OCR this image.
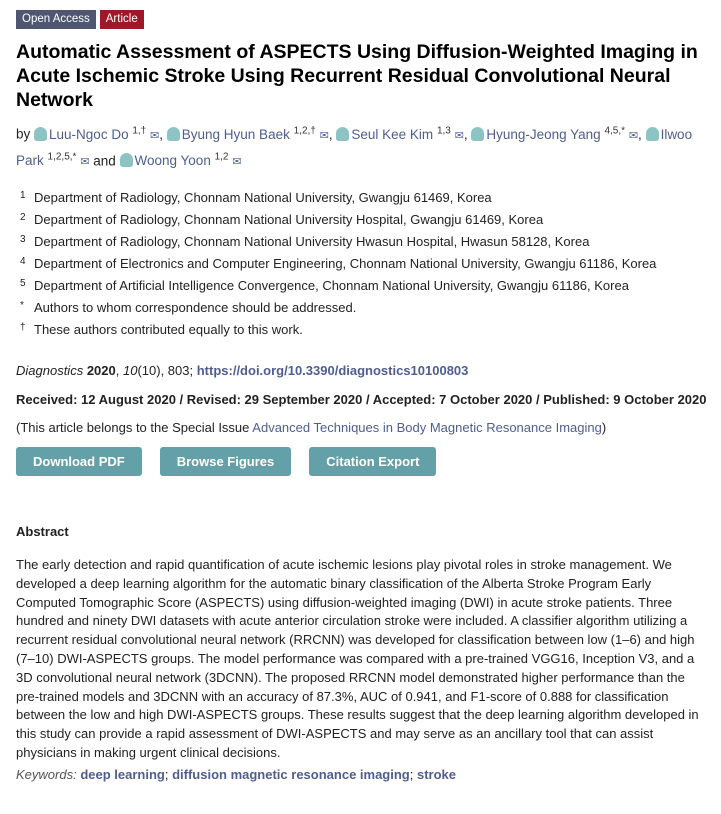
Open Access	Article
Automatic Assessment of ASPECTS Using Diffusion-Weighted Imaging in Acute Ischemic Stroke Using Recurrent Residual Convolutional Neural Network
by Luu-Ngoc Do $^{1,\dagger}$ ✉, Byung Hyun Baek $^{1,2,\dagger}$ ✉, Seul Kee Kim $^{1,3}$ ✉, Hyung-Jeong Yang $^{4,5,*}$ ✉, Ilwoo Park $^{1,2,5,*}$ ✉ and Woong Yoon $^{1,2}$ ✉
1 Department of Radiology, Chonnam National University, Gwangju 61469, Korea
2 Department of Radiology, Chonnam National University Hospital, Gwangju 61469, Korea
3 Department of Radiology, Chonnam National University Hwasun Hospital, Hwasun 58128, Korea
4 Department of Electronics and Computer Engineering, Chonnam National University, Gwangju 61186, Korea
5 Department of Artificial Intelligence Convergence, Chonnam National University, Gwangju 61186, Korea
* Authors to whom correspondence should be addressed.
† These authors contributed equally to this work.
Diagnostics 2020, 10(10), 803; https://doi.org/10.3390/diagnostics10100803
Received: 12 August 2020 / Revised: 29 September 2020 / Accepted: 7 October 2020 / Published: 9 October 2020
(This article belongs to the Special Issue Advanced Techniques in Body Magnetic Resonance Imaging)
Download PDF	Browse Figures	Citation Export
Abstract
The early detection and rapid quantification of acute ischemic lesions play pivotal roles in stroke management. We developed a deep learning algorithm for the automatic binary classification of the Alberta Stroke Program Early Computed Tomographic Score (ASPECTS) using diffusion-weighted imaging (DWI) in acute stroke patients. Three hundred and ninety DWI datasets with acute anterior circulation stroke were included. A classifier algorithm utilizing a recurrent residual convolutional neural network (RRCNN) was developed for classification between low (1–6) and high (7–10) DWI-ASPECTS groups. The model performance was compared with a pre-trained VGG16, Inception V3, and a 3D convolutional neural network (3DCNN). The proposed RRCNN model demonstrated higher performance than the pre-trained models and 3DCNN with an accuracy of 87.3%, AUC of 0.941, and F1-score of 0.888 for classification between the low and high DWI-ASPECTS groups. These results suggest that the deep learning algorithm developed in this study can provide a rapid assessment of DWI-ASPECTS and may serve as an ancillary tool that can assist physicians in making urgent clinical decisions.
Keywords: deep learning; diffusion magnetic resonance imaging; stroke
